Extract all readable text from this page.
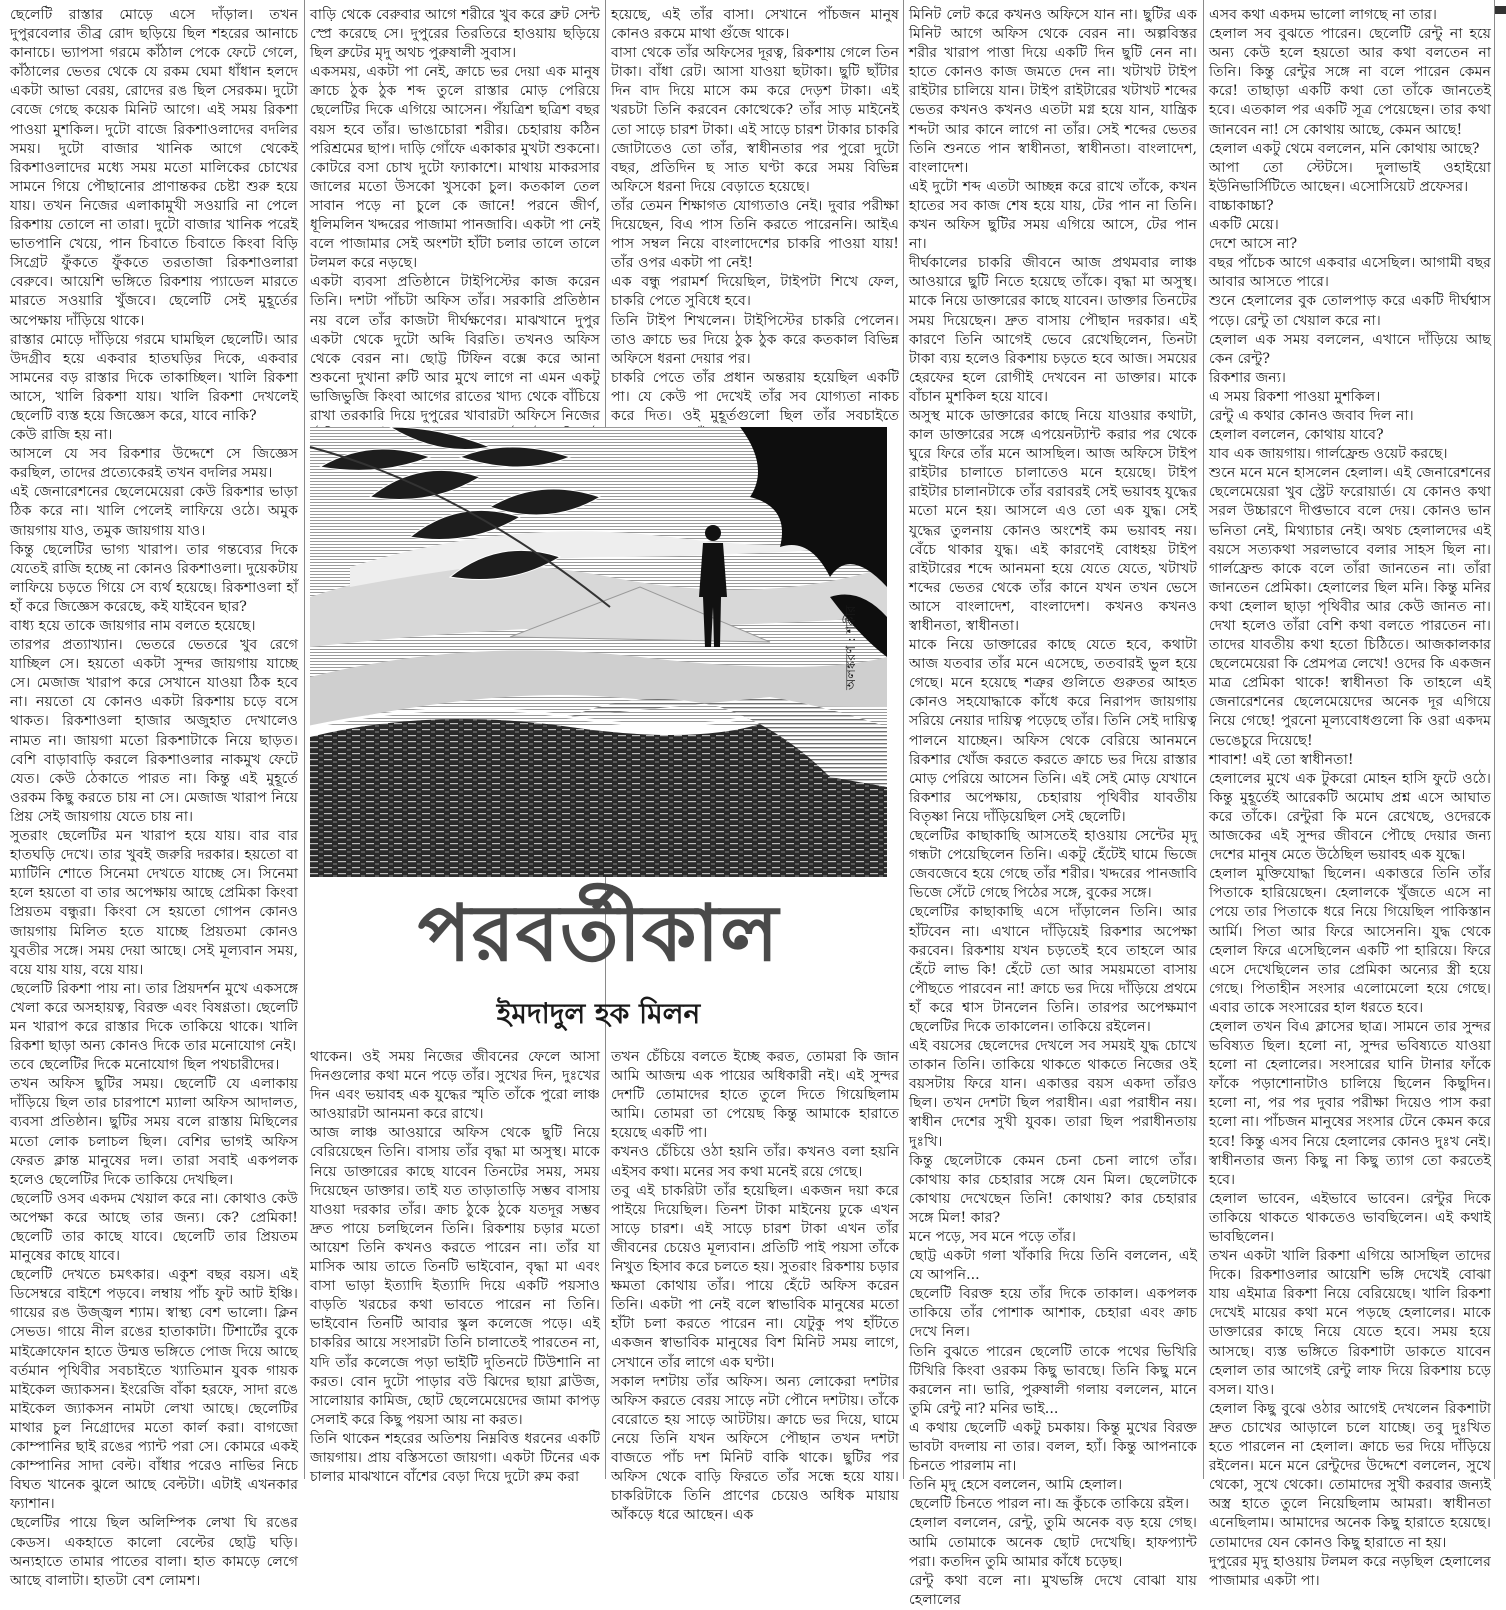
ছেলেটি রাস্তার মোড়ে এসে দাঁড়াল। তখন দুপুরবেলার তীব্র রোদ ছড়িয়ে ছিল শহরের আনাচে কানাচে। ভ্যাপসা গরমে কাঁঠাল পেকে ফেটে গেলে, কাঁঠালের ভেতর থেকে যে রকম ঘেমা ধাঁধান হলদে একটা আভা বেরয়, রোদের রঙ ছিল সেরকম। দুটো বেজে গেছে কয়েক মিনিট আগে। এই সময় রিকশা পাওয়া মুশকিল। দুটো বাজে রিকশাওলাদের বদলির সময়। দুটো বাজার খানিক আগে থেকেই রিকশাওলাদের মধ্যে সময় মতো মালিকের চোখের সামনে গিয়ে পৌছানোর প্রাণান্তকর চেষ্টা শুরু হয়ে যায়। তখন নিজের এলাকামুখী সওয়ারি না পেলে রিকশায় তোলে না তারা। দুটো বাজার খানিক পরেই ভাতপানি খেয়ে, পান চিবাতে চিবাতে কিংবা বিড়ি সিগ্রেট ফুঁকতে ফুঁকতে তরতাজা রিকশাওলারা বেরুবে। আয়েশি ভঙ্গিতে রিকশায় প্যাডেল মারতে মারতে সওয়ারি খুঁজবে। ছেলেটি সেই মুহূর্তের অপেক্ষায় দাঁড়িয়ে থাকে।

রাস্তার মোড়ে দাঁড়িয়ে গরমে ঘামছিল ছেলেটি। আর উদগ্রীব হয়ে একবার হাতঘড়ির দিকে, একবার সামনের বড় রাস্তার দিকে তাকাচ্ছিল। খালি রিকশা আসে, খালি রিকশা যায়। খালি রিকশা দেখলেই ছেলেটি ব্যস্ত হয়ে জিজ্ঞেস করে, যাবে নাকি?

কেউ রাজি হয় না।

আসলে যে সব রিকশার উদ্দেশে সে জিজ্ঞেস করছিল, তাদের প্রত্যেকেরই তখন বদলির সময়।

এই জেনারেশনের ছেলেমেয়েরা কেউ রিকশার ভাড়া ঠিক করে না। খালি পেলেই লাফিয়ে ওঠে। অমুক জায়গায় যাও, তমুক জায়গায় যাও।

কিন্তু ছেলেটির ভাগ্য খারাপ। তার গন্তব্যের দিকে যেতেই রাজি হচ্ছে না কোনও রিকশাওলা। দুয়েকটায় লাফিয়ে চড়তে গিয়ে সে ব্যর্থ হয়েছে। রিকশাওলা হাঁ হাঁ করে জিজ্ঞেস করেছে, কই যাইবেন ছার?

বাধ্য হয়ে তাকে জায়গার নাম বলতে হয়েছে।

তারপর প্রত্যাখ্যান। ভেতরে ভেতরে খুব রেগে যাচ্ছিল সে। হয়তো একটা সুন্দর জায়গায় যাচ্ছে সে। মেজাজ খারাপ করে সেখানে যাওয়া ঠিক হবে না। নয়তো যে কোনও একটা রিকশায় চড়ে বসে থাকত। রিকশাওলা হাজার অজুহাত দেখালেও নামত না। জায়গা মতো রিকশাটাকে নিয়ে ছাড়ত। বেশি বাড়াবাড়ি করলে রিকশাওলার নাকমুখ ফেটে যেত। কেউ ঠেকাতে পারত না। কিন্তু এই মুহূর্তে ওরকম কিছু করতে চায় না সে। মেজাজ খারাপ নিয়ে প্রিয় সেই জায়গায় যেতে চায় না।

সুতরাং ছেলেটির মন খারাপ হয়ে যায়। বার বার হাতঘড়ি দেখে। তার খুবই জরুরি দরকার। হয়তো বা ম্যাটিনি শোতে সিনেমা দেখতে যাচ্ছে সে। সিনেমা হলে হয়তো বা তার অপেক্ষায় আছে প্রেমিকা কিংবা প্রিয়তম বন্ধুরা। কিংবা সে হয়তো গোপন কোনও জায়গায় মিলিত হতে যাচ্ছে প্রিয়তমা কোনও যুবতীর সঙ্গে। সময় দেয়া আছে। সেই মূল্যবান সময়, বয়ে যায় যায়, বয়ে যায়।

ছেলেটি রিকশা পায় না। তার প্রিয়দর্শন মুখে একসঙ্গে খেলা করে অসহায়ত্ব, বিরক্ত এবং বিষণ্ণতা। ছেলেটি মন খারাপ করে রাস্তার দিকে তাকিয়ে থাকে। খালি রিকশা ছাড়া অন্য কোনও দিকে তার মনোযোগ নেই।

তবে ছেলেটির দিকে মনোযোগ ছিল পথচারীদের।

তখন অফিস ছুটির সময়। ছেলেটি যে এলাকায় দাঁড়িয়ে ছিল তার চারপাশে ম্যালা অফিস আদালত, ব্যবসা প্রতিষ্ঠান। ছুটির সময় বলে রাস্তায় মিছিলের মতো লোক চলাচল ছিল। বেশির ভাগই অফিস ফেরত ক্লান্ত মানুষের দল। তারা সবাই একপলক হলেও ছেলেটির দিকে তাকিয়ে দেখছিল।

ছেলেটি ওসব একদম খেয়াল করে না। কোথাও কেউ অপেক্ষা করে আছে তার জন্য। কে? প্রেমিকা! ছেলেটি তার কাছে যাবে। ছেলেটি তার প্রিয়তম মানুষের কাছে যাবে।

ছেলেটি দেখতে চমৎকার। একুশ বছর বয়স। এই ডিসেম্বরে বাইশে পড়বে। লম্বায় পাঁচ ফুট আট ইঞ্চি। গায়ের রঙ উজ্জ্বল শ্যাম। স্বাস্থ্য বেশ ভালো। ক্লিন সেভড। গায়ে নীল রঙের হাতাকাটা। টিশার্টের বুকে মাইক্রোফোন হাতে উন্মত্ত ভঙ্গিতে পোজ দিয়ে আছে বর্তমান পৃথিবীর সবচাইতে খ্যাতিমান যুবক গায়ক মাইকেল জ্যাকসন। ইংরেজি বাঁকা হরফে, সাদা রঙে মাইকেল জ্যাকসন নামটা লেখা আছে। ছেলেটির মাথার চুল নিগ্রোদের মতো কার্ল করা। বাগজো কোম্পানির ছাই রঙের প্যান্ট পরা সে। কোমরে একই কোম্পানির সাদা বেল্ট। বাঁধার পরেও নাভির নিচে বিঘত খানেক ঝুলে আছে বেল্টটা। এটাই এখনকার ফ্যাশান।

ছেলেটির পায়ে ছিল অলিম্পিক লেখা ঘি রঙের কেডস। একহাতে কালো বেল্টের ছোট্ট ঘড়ি। অন্যহাতে তামার পাতের বালা। হাত কামড়ে লেগে আছে বালাটা। হাতটা বেশ লোমশ।

বাড়ি থেকে বেরুবার আগে শরীরে খুব করে ব্রুট সেন্ট স্প্রে করেছে সে। দুপুরের তিরতিরে হাওয়ায় ছড়িয়ে ছিল ব্রুটের মৃদু অথচ পুরুষালী সুবাস।

একসময়, একটা পা নেই, ক্রাচে ভর দেয়া এক মানুষ ক্রাচে ঠুক ঠুক শব্দ তুলে রাস্তার মোড় পেরিয়ে ছেলেটির দিকে এগিয়ে আসেন। পঁয়ত্রিশ ছত্রিশ বছর বয়স হবে তাঁর। ভাঙাচোরা শরীর। চেহারায় কঠিন পরিশ্রমের ছাপ। দাড়ি গোঁফে একাকার মুখটা শুকনো। কোটরে বসা চোখ দুটো ফ্যাকাশে। মাথায় মাকরসার জালের মতো উসকো খুসকো চুল। কতকাল তেল সাবান পড়ে না চুলে কে জানে! পরনে জীর্ণ, ধূলিমলিন খদ্দরের পাজামা পানজাবি। একটা পা নেই বলে পাজামার সেই অংশটা হাঁটা চলার তালে তালে টলমল করে নড়ছে।

একটা ব্যবসা প্রতিষ্ঠানে টাইপিস্টের কাজ করেন তিনি। দশটা পাঁচটা অফিস তাঁর। সরকারি প্রতিষ্ঠান নয় বলে তাঁর কাজটা দীর্ঘক্ষণের। মাঝখানে দুপুর একটা থেকে দুটো অব্দি বিরতি। তখনও অফিস থেকে বেরন না। ছোট্ট টিফিন বক্সে করে আনা শুকনো দুখানা রুটি আর মুখে লাগে না এমন একটু ভাজিভুজি কিংবা আগের রাতের খাদ্য থেকে বাঁচিয়ে রাখা তরকারি দিয়ে দুপুরের খাবারটা অফিসে নিজের

হয়েছে, এই তাঁর বাসা। সেখানে পাঁচজন মানুষ কোনও রকমে মাথা গুঁজে থাকে।

বাসা থেকে তাঁর অফিসের দূরত্ব, রিকশায় গেলে তিন টাকা। বাঁধা রেট। আসা যাওয়া ছটাকা। ছুটি ছাঁটার দিন বাদ দিয়ে মাসে কম করে দেড়শ টাকা। এই খরচটা তিনি করবেন কোত্থেকে? তাঁর সাড় মাইনেই তো সাড়ে চারশ টাকা। এই সাড়ে চারশ টাকার চাকরি জোটাতেও তো তাঁর, স্বাধীনতার পর পুরো দুটো বছর, প্রতিদিন ছ সাত ঘণ্টা করে সময় বিভিন্ন অফিসে ধরনা দিয়ে বেড়াতে হয়েছে।

তাঁর তেমন শিক্ষাগত যোগ্যতাও নেই। দুবার পরীক্ষা দিয়েছেন, বিএ পাস তিনি করতে পারেননি। আইএ পাস সম্বল নিয়ে বাংলাদেশের চাকরি পাওয়া যায়! তাঁর ওপর একটা পা নেই!

এক বন্ধু পরামর্শ দিয়েছিল, টাইপটা শিখে ফেল, চাকরি পেতে সুবিধে হবে।

তিনি টাইপ শিখলেন। টাইপিস্টের চাকরি পেলেন। তাও ক্রাচে ভর দিয়ে ঠুক ঠুক করে কতকাল বিভিন্ন অফিসে ধরনা দেয়ার পর।

চাকরি পেতে তাঁর প্রধান অন্তরায় হয়েছিল একটি পা। যে কেউ পা দেখেই তাঁর সব যোগ্যতা নাকচ করে দিত। ওই মুহূর্তগুলো ছিল তাঁর সবচাইতে

অলঙ্করণ : শকীর
পরবর্তীকাল
ইমদাদুল হক মিলন

থাকেন। ওই সময় নিজের জীবনের ফেলে আসা দিনগুলোর কথা মনে পড়ে তাঁর। সুখের দিন, দুঃখের দিন এবং ভয়াবহ এক যুদ্ধের স্মৃতি তাঁকে পুরো লাঞ্চ আওয়ারটা আনমনা করে রাখে।

আজ লাঞ্চ আওয়ারে অফিস থেকে ছুটি নিয়ে বেরিয়েছেন তিনি। বাসায় তাঁর বৃদ্ধা মা অসুস্থ। মাকে নিয়ে ডাক্তারের কাছে যাবেন তিনটের সময়, সময় দিয়েছেন ডাক্তার। তাই যত তাড়াতাড়ি সম্ভব বাসায় যাওয়া দরকার তাঁর। ক্রাচ ঠুকে ঠুকে যতদূর সম্ভব দ্রুত পায়ে চলছিলেন তিনি। রিকশায় চড়ার মতো আয়েশ তিনি কখনও করতে পারেন না। তাঁর যা মাসিক আয় তাতে তিনটি ভাইবোন, বৃদ্ধা মা এবং বাসা ভাড়া ইত্যাদি ইত্যাদি দিয়ে একটি পয়সাও বাড়তি খরচের কথা ভাবতে পারেন না তিনি। ভাইবোন তিনটি আবার স্কুল কলেজে পড়ে। এই চাকরির আয়ে সংসারটা তিনি চালাতেই পারতেন না, যদি তাঁর কলেজে পড়া ভাইটি দুতিনটে টিউশানি না করত। বোন দুটো পাড়ার বউ ঝিদের ছায়া ব্লাউজ, সালোয়ার কামিজ, ছোট ছেলেমেয়েদের জামা কাপড় সেলাই করে কিছু পয়সা আয় না করত।

তিনি থাকেন শহরের অতিশয় নিম্নবিত্ত ধরনের একটি জায়গায়। প্রায় বস্তিসতো জায়গা। একটা টিনের এক চালার মাঝখানে বাঁশের বেড়া দিয়ে দুটো রুম করা

তখন চেঁচিয়ে বলতে ইচ্ছে করত, তোমরা কি জান আমি আজন্ম এক পায়ের অধিকারী নই। এই সুন্দর দেশটি তোমাদের হাতে তুলে দিতে গিয়েছিলাম আমি। তোমরা তা পেয়েছ কিন্তু আমাকে হারাতে হয়েছে একটি পা।

কখনও চেঁচিয়ে ওঠা হয়নি তাঁর। কখনও বলা হয়নি এইসব কথা। মনের সব কথা মনেই রয়ে গেছে।

তবু এই চাকরিটা তাঁর হয়েছিল। একজন দয়া করে পাইয়ে দিয়েছিল। তিনশ টাকা মাইনেয় ঢুকে এখন সাড়ে চারশ। এই সাড়ে চারশ টাকা এখন তাঁর জীবনের চেয়েও মূল্যবান। প্রতিটি পাই পয়সা তাঁকে নিখুত হিসাব করে চলতে হয়। সুতরাং রিকশায় চড়ার ক্ষমতা কোথায় তাঁর। পায়ে হেঁটে অফিস করেন তিনি। একটা পা নেই বলে স্বাভাবিক মানুষের মতো হাঁটা চলা করতে পারেন না। যেটুকু পথ হাঁটতে একজন স্বাভাবিক মানুষের বিশ মিনিট সময় লাগে, সেখানে তাঁর লাগে এক ঘণ্টা।

সকাল দশটায় তাঁর অফিস। অন্য লোকেরা দশটার অফিস করতে বেরয় সাড়ে নটা পৌনে দশটায়। তাঁকে বেরোতে হয় সাড়ে আটটায়। ক্রাচে ভর দিয়ে, ঘামে নেয়ে তিনি যখন অফিসে পৌছান তখন দশটা বাজতে পাঁচ দশ মিনিট বাকি থাকে। ছুটির পর অফিস থেকে বাড়ি ফিরতে তাঁর সন্ধে হয়ে যায়। চাকরিটাকে তিনি প্রাণের চেয়েও অধিক মায়ায় আঁকড়ে ধরে আছেন। এক

মিনিট লেট করে কখনও অফিসে যান না। ছুটির এক মিনিট আগে অফিস থেকে বেরন না। অল্পবিস্তর শরীর খারাপ পাত্তা দিয়ে একটি দিন ছুটি নেন না। হাতে কোনও কাজ জমতে দেন না। খটাখট টাইপ রাইটার চালিয়ে যান। টাইপ রাইটারের খটাখট শব্দের ভেতর কখনও কখনও এতটা মগ্ন হয়ে যান, যান্ত্রিক শব্দটা আর কানে লাগে না তাঁর। সেই শব্দের ভেতর তিনি শুনতে পান স্বাধীনতা, স্বাধীনতা। বাংলাদেশ, বাংলাদেশ।

এই দুটো শব্দ এতটা আচ্ছন্ন করে রাখে তাঁকে, কখন হাতের সব কাজ শেষ হয়ে যায়, টের পান না তিনি। কখন অফিস ছুটির সময় এগিয়ে আসে, টের পান না।

দীর্ঘকালের চাকরি জীবনে আজ প্রথমবার লাঞ্চ আওয়ারে ছুটি নিতে হয়েছে তাঁকে। বৃদ্ধা মা অসুস্থ। মাকে নিয়ে ডাক্তারের কাছে যাবেন। ডাক্তার তিনটের সময় দিয়েছেন। দ্রুত বাসায় পৌছান দরকার। এই কারণে তিনি আগেই ভেবে রেখেছিলেন, তিনটা টাকা ব্যয় হলেও রিকশায় চড়তে হবে আজ। সময়ের হেরফের হলে রোগীই দেখবেন না ডাক্তার। মাকে বাঁচান মুশকিল হয়ে যাবে।

অসুস্থ মাকে ডাক্তারের কাছে নিয়ে যাওয়ার কথাটা, কাল ডাক্তারের সঙ্গে এপয়েনট্যান্ট করার পর থেকে ঘুরে ফিরে তাঁর মনে আসছিল। আজ অফিসে টাইপ রাইটার চালাতে চালাতেও মনে হয়েছে। টাইপ রাইটার চালানটাকে তাঁর বরাবরই সেই ভয়াবহ যুদ্ধের মতো মনে হয়। আসলে এও তো এক যুদ্ধ। সেই যুদ্ধের তুলনায় কোনও অংশেই কম ভয়াবহ নয়। বেঁচে থাকার যুদ্ধ। এই কারণেই বোধহয় টাইপ রাইটারের শব্দে আনমনা হয়ে যেতে যেতে, খটাখট শব্দের ভেতর থেকে তাঁর কানে যখন তখন ভেসে আসে বাংলাদেশ, বাংলাদেশ। কখনও কখনও স্বাধীনতা, স্বাধীনতা।

মাকে নিয়ে ডাক্তারের কাছে যেতে হবে, কথাটা আজ যতবার তাঁর মনে এসেছে, ততবারই ভুল হয়ে গেছে। মনে হয়েছে শত্রুর গুলিতে গুরুতর আহত কোনও সহযোদ্ধাকে কাঁধে করে নিরাপদ জায়গায় সরিয়ে নেয়ার দায়িত্ব পড়েছে তাঁর। তিনি সেই দায়িত্ব পালনে যাচ্ছেন। অফিস থেকে বেরিয়ে আনমনে রিকশার খোঁজ করতে করতে ক্রাচে ভর দিয়ে রাস্তার মোড় পেরিয়ে আসেন তিনি। এই সেই মোড় যেখানে রিকশার অপেক্ষায়, চেহারায় পৃথিবীর যাবতীয় বিতৃষ্ণা নিয়ে দাঁড়িয়েছিল সেই ছেলেটি।

ছেলেটির কাছাকাছি আসতেই হাওয়ায় সেন্টের মৃদু গন্ধটা পেয়েছিলেন তিনি। একটু হেঁটেই ঘামে ভিজে জেবজেবে হয়ে গেছে তাঁর শরীর। খদ্দরের পানজাবি ভিজে সেঁটে গেছে পিঠের সঙ্গে, বুকের সঙ্গে।

ছেলেটির কাছাকাছি এসে দাঁড়ালেন তিনি। আর হাঁটবেন না। এখানে দাঁড়িয়েই রিকশার অপেক্ষা করবেন। রিকশায় যখন চড়তেই হবে তাহলে আর হেঁটে লাভ কি! হেঁটে তো আর সময়মতো বাসায় পৌছতে পারবেন না! ক্রাচে ভর দিয়ে দাঁড়িয়ে প্রথমে হাঁ করে শ্বাস টানলেন তিনি। তারপর অপেক্ষমাণ ছেলেটির দিকে তাকালেন। তাকিয়ে রইলেন।

এই বয়সের ছেলেদের দেখলে সব সময়ই যুদ্ধ চোখে তাকান তিনি। তাকিয়ে থাকতে থাকতে নিজের ওই বয়সটায় ফিরে যান। একাত্তর বয়স একদা তাঁরও ছিল। তখন দেশটা ছিল পরাধীন। এরা পরাধীন নয়। স্বাধীন দেশের সুখী যুবক। তারা ছিল পরাধীনতায় দুঃখি।

কিন্তু ছেলেটাকে কেমন চেনা চেনা লাগে তাঁর। কোথায় কার চেহারার সঙ্গে যেন মিল। ছেলেটাকে কোথায় দেখেছেন তিনি! কোথায়? কার চেহারার সঙ্গে মিল! কার?

মনে পড়ে, সব মনে পড়ে তাঁর।

ছোট্ট একটা গলা খাঁকারি দিয়ে তিনি বললেন, এই যে আপনি...

ছেলেটি বিরক্ত হয়ে তাঁর দিকে তাকাল। একপলক তাকিয়ে তাঁর পোশাক আশাক, চেহারা এবং ক্রাচ দেখে নিল।

তিনি বুঝতে পারেন ছেলেটি তাকে পথের ভিখিরি টিখিরি কিংবা ওরকম কিছু ভাবছে। তিনি কিছু মনে করলেন না। ভারি, পুরুষালী গলায় বললেন, মানে তুমি রেন্টু না? মনির ভাই...

এ কথায় ছেলেটি একটু চমকায়। কিন্তু মুখের বিরক্ত ভাবটা বদলায় না তার। বলল, হ্যাঁ। কিন্তু আপনাকে চিনতে পারলাম না।

তিনি মৃদু হেসে বললেন, আমি হেলাল।

ছেলেটি চিনতে পারল না। ভ্রূ কুঁচকে তাকিয়ে রইল।

হেলাল বললেন, রেন্টু, তুমি অনেক বড় হয়ে গেছ। আমি তোমাকে অনেক ছোট দেখেছি। হাফপ্যান্ট পরা। কতদিন তুমি আমার কাঁধে চড়েছ।

রেন্টু কথা বলে না। মুখভঙ্গি দেখে বোঝা যায় হেলালের

এসব কথা একদম ভালো লাগছে না তার।

হেলাল সব বুঝতে পারেন। ছেলেটি রেন্টু না হয়ে অন্য কেউ হলে হয়তো আর কথা বলতেন না তিনি। কিন্তু রেন্টুর সঙ্গে না বলে পারেন কেমন করে! তাছাড়া একটি কথা তো তাঁকে জানতেই হবে। এতকাল পর একটি সূত্র পেয়েছেন। তার কথা জানবেন না! সে কোথায় আছে, কেমন আছে!

হেলাল একটু থেমে বললেন, মনি কোথায় আছে?

আপা তো স্টেটসে। দুলাভাই ওহাইয়ো ইউনিভার্সিটিতে আছেন। এসোসিয়েট প্রফেসর।

বাচ্চাকাচ্চা?

একটি মেয়ে।

দেশে আসে না?

বছর পাঁচেক আগে একবার এসেছিল। আগামী বছর আবার আসতে পারে।

শুনে হেলালের বুক তোলপাড় করে একটি দীর্ঘশ্বাস পড়ে। রেন্টু তা খেয়াল করে না।

হেলাল এক সময় বললেন, এখানে দাঁড়িয়ে আছ কেন রেন্টু?

রিকশার জন্য।

এ সময় রিকশা পাওয়া মুশকিল।

রেন্টু এ কথার কোনও জবাব দিল না।

হেলাল বললেন, কোথায় যাবে?

যাব এক জায়গায়। গার্লফ্রেন্ড ওয়েট করছে।

শুনে মনে মনে হাসলেন হেলাল। এই জেনারেশনের ছেলেমেয়েরা খুব স্ট্রেট ফরোয়ার্ড। যে কোনও কথা সরল উচ্চারণে দীপ্তভাবে বলে দেয়। কোনও ভান ভনিতা নেই, মিথ্যাচার নেই। অথচ হেলালদের এই বয়সে সত্যকথা সরলভাবে বলার সাহস ছিল না। গার্লফ্রেন্ড কাকে বলে তাঁরা জানতেন না। তাঁরা জানতেন প্রেমিকা। হেলালের ছিল মনি। কিন্তু মনির কথা হেলাল ছাড়া পৃথিবীর আর কেউ জানত না। দেখা হলেও তাঁরা বেশি কথা বলতে পারতেন না। তাদের যাবতীয় কথা হতো চিঠিতে। আজকালকার ছেলেমেয়েরা কি প্রেমপত্র লেখে! ওদের কি একজন মাত্র প্রেমিকা থাকে! স্বাধীনতা কি তাহলে এই জেনারেশনের ছেলেমেয়েদের অনেক দূর এগিয়ে নিয়ে গেছে! পুরনো মূল্যবোধগুলো কি ওরা একদম ভেঙেচুরে দিয়েছে!

শাবাশ! এই তো স্বাধীনতা!

হেলালের মুখে এক টুকরো মোহন হাসি ফুটে ওঠে। কিন্তু মুহূর্তেই আরেকটি অমোঘ প্রশ্ন এসে আঘাত করে তাঁকে। রেন্টুরা কি মনে রেখেছে, ওদেরকে আজকের এই সুন্দর জীবনে পৌছে দেয়ার জন্য দেশের মানুষ মেতে উঠেছিল ভয়াবহ এক যুদ্ধে।

হেলাল মুক্তিযোদ্ধা ছিলেন। একাত্তরে তিনি তাঁর পিতাকে হারিয়েছেন। হেলালকে খুঁজতে এসে না পেয়ে তার পিতাকে ধরে নিয়ে গিয়েছিল পাকিস্তান আর্মি। পিতা আর ফিরে আসেননি। যুদ্ধ থেকে হেলাল ফিরে এসেছিলেন একটি পা হারিয়ে। ফিরে এসে দেখেছিলেন তার প্রেমিকা অন্যের স্ত্রী হয়ে গেছে। পিতাহীন সংসার এলোমেলো হয়ে গেছে। এবার তাকে সংসারের হাল ধরতে হবে।

হেলাল তখন বিএ ক্লাসের ছাত্র। সামনে তার সুন্দর ভবিষ্যত ছিল। হলো না, সুন্দর ভবিষ্যতে যাওয়া হলো না হেলালের। সংসারের ঘানি টানার ফাঁকে ফাঁকে পড়াশোনাটাও চালিয়ে ছিলেন কিছুদিন। হলো না, পর পর দুবার পরীক্ষা দিয়েও পাস করা হলো না। পাঁচজন মানুষের সংসার টেনে কেমন করে হবে! কিন্তু এসব নিয়ে হেলালের কোনও দুঃখ নেই। স্বাধীনতার জন্য কিছু না কিছু ত্যাগ তো করতেই হবে।

হেলাল ভাবেন, এইভাবে ভাবেন। রেন্টুর দিকে তাকিয়ে থাকতে থাকতেও ভাবছিলেন। এই কথাই ভাবছিলেন।

তখন একটা খালি রিকশা এগিয়ে আসছিল তাদের দিকে। রিকশাওলার আয়েশি ভঙ্গি দেখেই বোঝা যায় এইমাত্র রিকশা নিয়ে বেরিয়েছে। খালি রিকশা দেখেই মায়ের কথা মনে পড়ছে হেলালের। মাকে ডাক্তারের কাছে নিয়ে যেতে হবে। সময় হয়ে আসছে। ব্যস্ত ভঙ্গিতে রিকশাটা ডাকতে যাবেন হেলাল তার আগেই রেন্টু লাফ দিয়ে রিকশায় চড়ে বসল। যাও।

হেলাল কিছু বুঝে ওঠার আগেই দেখলেন রিকশাটা দ্রুত চোখের আড়ালে চলে যাচ্ছে। তবু দুঃখিত হতে পারলেন না হেলাল। ক্রাচে ভর দিয়ে দাঁড়িয়ে রইলেন। মনে মনে রেন্টুদের উদ্দেশে বললেন, সুখে থেকো, সুখে থেকো। তোমাদের সুখী করবার জন্যই অস্ত্র হাতে তুলে নিয়েছিলাম আমরা। স্বাধীনতা এনেছিলাম। আমাদের অনেক কিছু হারাতে হয়েছে। তোমাদের যেন কোনও কিছু হারাতে না হয়।

দুপুরের মৃদু হাওয়ায় টলমল করে নড়ছিল হেলালের পাজামার একটা পা।
